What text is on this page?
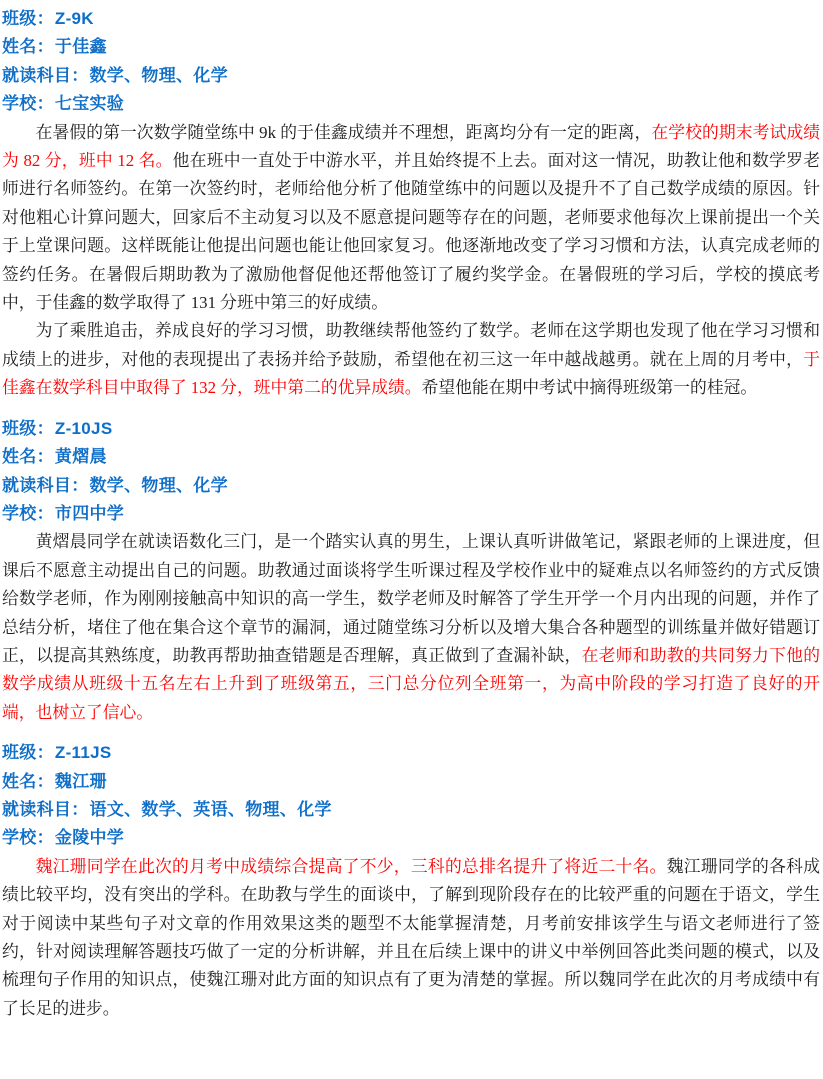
班级：Z-9K

姓名：于佳鑫

就读科目：数学、物理、化学

学校：七宝实验

在暑假的第一次数学随堂练中 9k 的于佳鑫成绩并不理想，距离均分有一定的距离，在学校的期末考试成绩为 82 分，班中 12 名。他在班中一直处于中游水平，并且始终提不上去。面对这一情况，助教让他和数学罗老师进行名师签约。在第一次签约时，老师给他分析了他随堂练中的问题以及提升不了自己数学成绩的原因。针对他粗心计算问题大，回家后不主动复习以及不愿意提问题等存在的问题，老师要求他每次上课前提出一个关于上堂课问题。这样既能让他提出问题也能让他回家复习。他逐渐地改变了学习习惯和方法，认真完成老师的签约任务。在暑假后期助教为了激励他督促他还帮他签订了履约奖学金。在暑假班的学习后，学校的摸底考中，于佳鑫的数学取得了 131 分班中第三的好成绩。

为了乘胜追击，养成良好的学习习惯，助教继续帮他签约了数学。老师在这学期也发现了他在学习习惯和成绩上的进步，对他的表现提出了表扬并给予鼓励，希望他在初三这一年中越战越勇。就在上周的月考中，于佳鑫在数学科目中取得了 132 分，班中第二的优异成绩。希望他能在期中考试中摘得班级第一的桂冠。

班级：Z-10JS

姓名：黄熠晨

就读科目：数学、物理、化学

学校：市四中学

黄熠晨同学在就读语数化三门，是一个踏实认真的男生，上课认真听讲做笔记，紧跟老师的上课进度，但课后不愿意主动提出自己的问题。助教通过面谈将学生听课过程及学校作业中的疑难点以名师签约的方式反馈给数学老师，作为刚刚接触高中知识的高一学生，数学老师及时解答了学生开学一个月内出现的问题，并作了总结分析，堵住了他在集合这个章节的漏洞，通过随堂练习分析以及增大集合各种题型的训练量并做好错题订正，以提高其熟练度，助教再帮助抽查错题是否理解，真正做到了查漏补缺，在老师和助教的共同努力下他的数学成绩从班级十五名左右上升到了班级第五，三门总分位列全班第一，为高中阶段的学习打造了良好的开端，也树立了信心。

班级：Z-11JS

姓名：魏江珊

就读科目：语文、数学、英语、物理、化学

学校：金陵中学

魏江珊同学在此次的月考中成绩综合提高了不少，三科的总排名提升了将近二十名。魏江珊同学的各科成绩比较平均，没有突出的学科。在助教与学生的面谈中，了解到现阶段存在的比较严重的问题在于语文，学生对于阅读中某些句子对文章的作用效果这类的题型不太能掌握清楚，月考前安排该学生与语文老师进行了签约，针对阅读理解答题技巧做了一定的分析讲解，并且在后续上课中的讲义中举例回答此类问题的模式，以及梳理句子作用的知识点，使魏江珊对此方面的知识点有了更为清楚的掌握。所以魏同学在此次的月考成绩中有了长足的进步。
